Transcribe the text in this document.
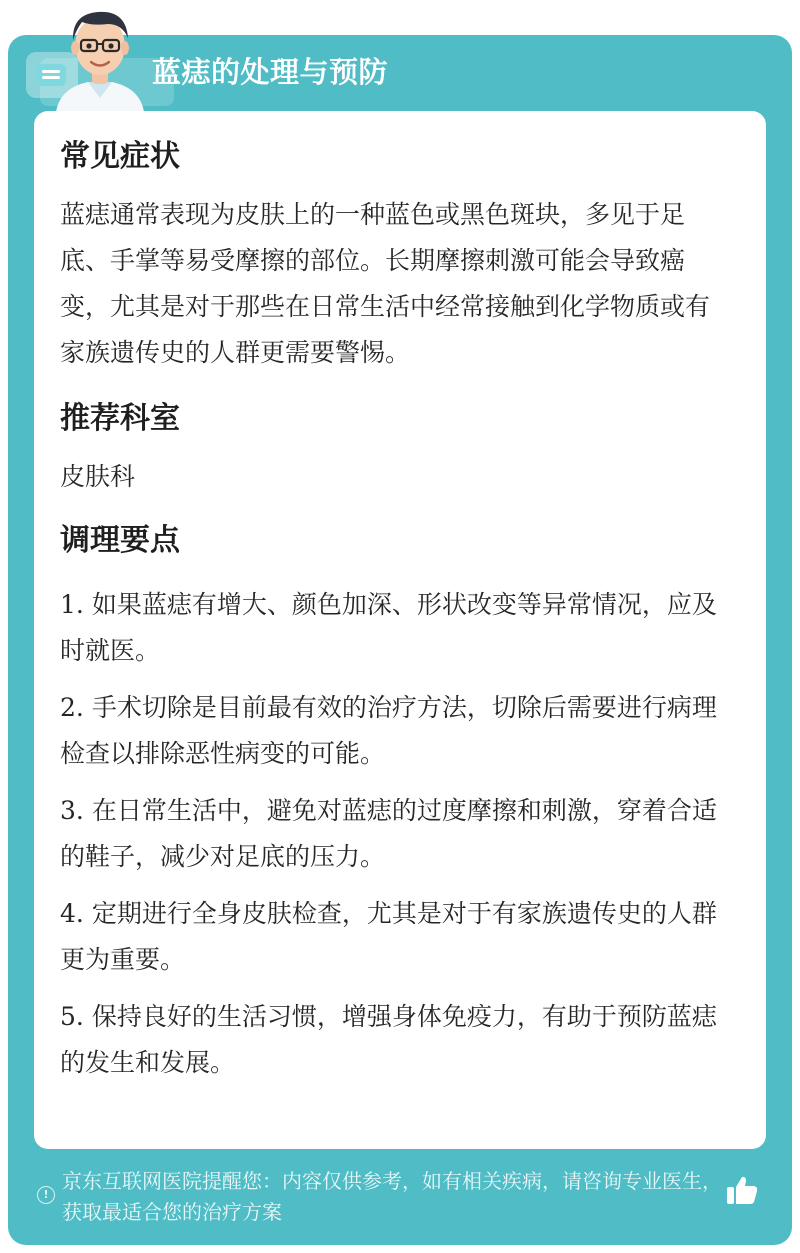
蓝痣的处理与预防
常见症状

蓝痣通常表现为皮肤上的一种蓝色或黑色斑块，多见于足底、手掌等易受摩擦的部位。长期摩擦刺激可能会导致癌变，尤其是对于那些在日常生活中经常接触到化学物质或有家族遗传史的人群更需要警惕。

推荐科室

皮肤科

调理要点

1. 如果蓝痣有增大、颜色加深、形状改变等异常情况，应及时就医。

2. 手术切除是目前最有效的治疗方法，切除后需要进行病理检查以排除恶性病变的可能。

3. 在日常生活中，避免对蓝痣的过度摩擦和刺激，穿着合适的鞋子，减少对足底的压力。

4. 定期进行全身皮肤检查，尤其是对于有家族遗传史的人群更为重要。

5. 保持良好的生活习惯，增强身体免疫力，有助于预防蓝痣的发生和发展。

!
京东互联网医院提醒您：内容仅供参考，如有相关疾病，请咨询专业医生，获取最适合您的治疗方案
